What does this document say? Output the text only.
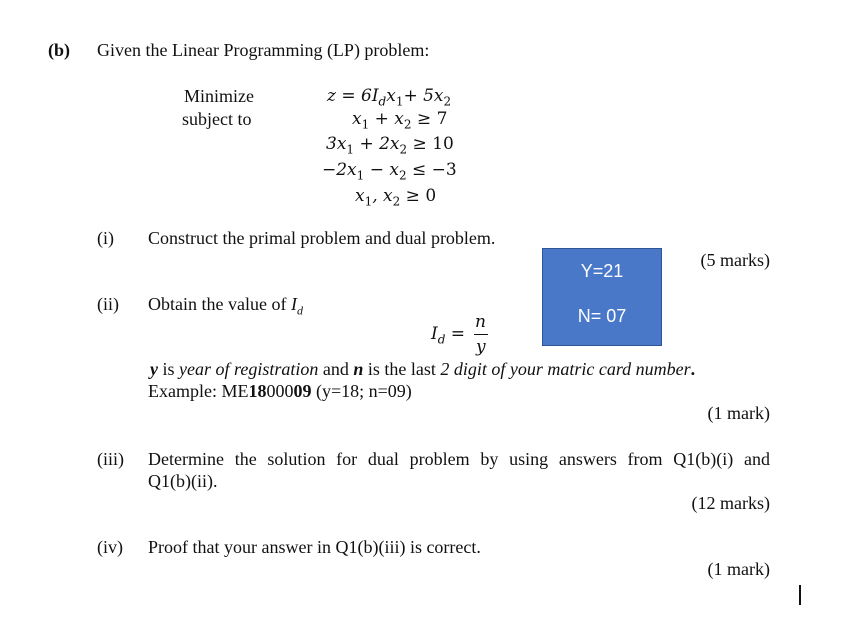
(b) Given the Linear Programming (LP) problem:
Minimize
subject to
$z = 6I_dx_1+ 5x_2$
$x_1 + x_2 \ge 7$
$3x_1 + 2x_2 \ge 10$
$-2x_1 - x_2 \le -3$
$x_1$, $x_2 \ge 0$
(i) Construct the primal problem and dual problem.
(5 marks)
Y=21
N= 07
(ii) Obtain the value of $I_d$
$I_d$ =
n
y
y is year of registration and n is the last 2 digit of your matric card number.
Example: ME1800009 (y=18; n=09)
(1 mark)
(iii) Determine the solution for dual problem by using answers from Q1(b)(i) and
Q1(b)(ii).
(12 marks)
(iv) Proof that your answer in Q1(b)(iii) is correct.
(1 mark)
